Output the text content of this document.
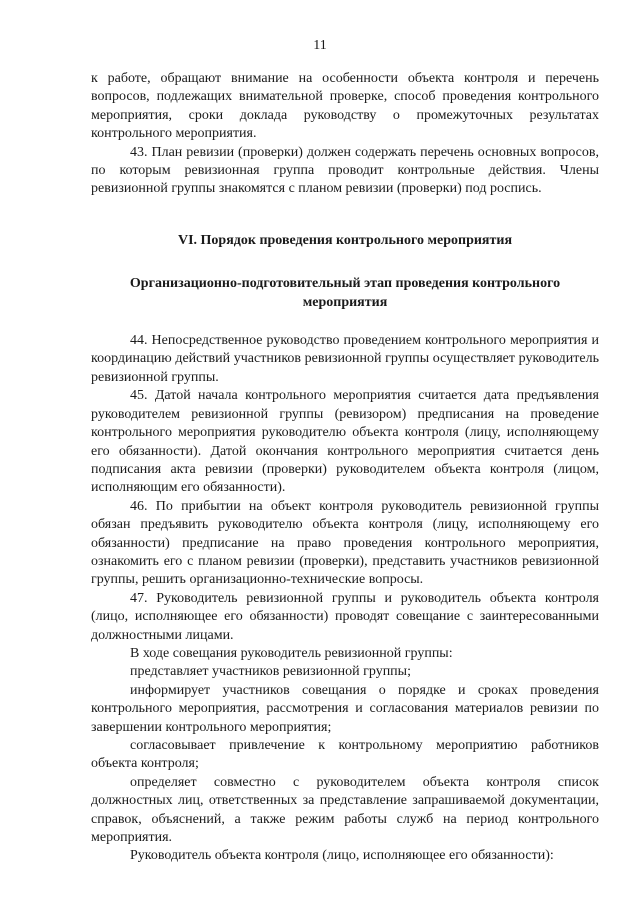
11

к работе, обращают внимание на особенности объекта контроля и перечень вопросов, подлежащих внимательной проверке, способ проведения контрольного мероприятия, сроки доклада руководству о промежуточных результатах контрольного мероприятия.

43. План ревизии (проверки) должен содержать перечень основных вопросов, по которым ревизионная группа проводит контрольные действия. Члены ревизионной группы знакомятся с планом ревизии (проверки) под роспись.

VI. Порядок проведения контрольного мероприятия

Организационно-подготовительный этап проведения контрольного мероприятия

44. Непосредственное руководство проведением контрольного мероприятия и координацию действий участников ревизионной группы осуществляет руководитель ревизионной группы.

45. Датой начала контрольного мероприятия считается дата предъявления руководителем ревизионной группы (ревизором) предписания на проведение контрольного мероприятия руководителю объекта контроля (лицу, исполняющему его обязанности). Датой окончания контрольного мероприятия считается день подписания акта ревизии (проверки) руководителем объекта контроля (лицом, исполняющим его обязанности).

46. По прибытии на объект контроля руководитель ревизионной группы обязан предъявить руководителю объекта контроля (лицу, исполняющему его обязанности) предписание на право проведения контрольного мероприятия, ознакомить его с планом ревизии (проверки), представить участников ревизионной группы, решить организационно-технические вопросы.

47. Руководитель ревизионной группы и руководитель объекта контроля (лицо, исполняющее его обязанности) проводят совещание с заинтересованными должностными лицами.

В ходе совещания руководитель ревизионной группы:

представляет участников ревизионной группы;

информирует участников совещания о порядке и сроках проведения контрольного мероприятия, рассмотрения и согласования материалов ревизии по завершении контрольного мероприятия;

согласовывает привлечение к контрольному мероприятию работников объекта контроля;

определяет совместно с руководителем объекта контроля список должностных лиц, ответственных за представление запрашиваемой документации, справок, объяснений, а также режим работы служб на период контрольного мероприятия.

Руководитель объекта контроля (лицо, исполняющее его обязанности):
